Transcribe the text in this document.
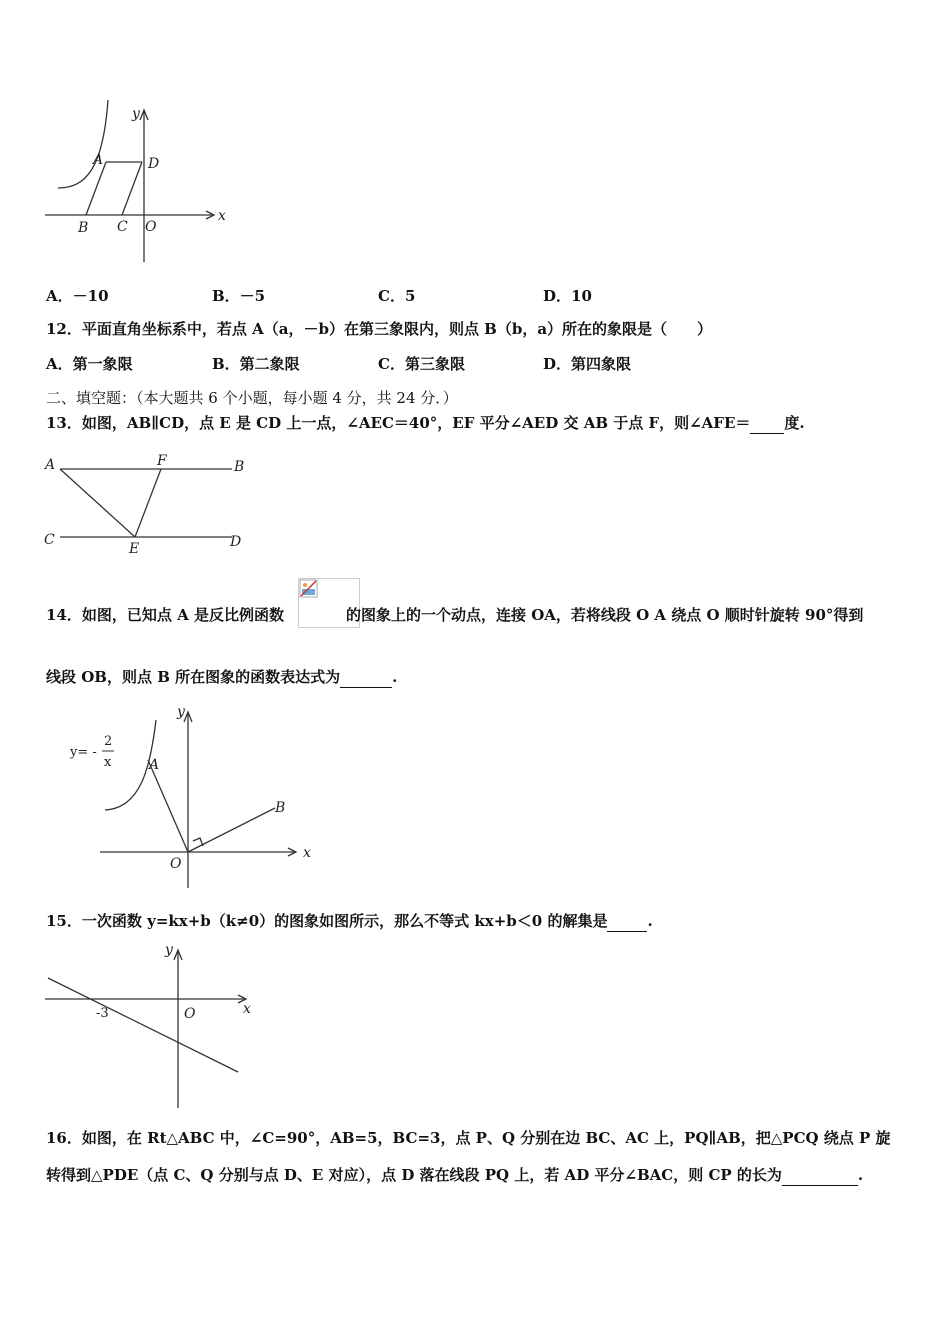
y
x
A	D
B C O
A．－10	B．－5	C．5	D．10
12．平面直角坐标系中，若点 A（a，－b）在第三象限内，则点 B（b，a）所在的象限是（　　）
A．第一象限	B．第二象限	C．第三象限	D．第四象限
二、填空题：（本大题共 6 个小题，每小题 4 分，共 24 分．）
13．如图，AB∥CD，点 E 是 CD 上一点，∠AEC＝40°，EF 平分∠AED 交 AB 于点 F，则∠AFE＝ 度.
A	F	B
C
E	D
14．如图，已知点 A 是反比例函数	的图象上的一个动点，连接 OA，若将线段 O A 绕点 O 顺时针旋转 90°得到
线段 OB，则点 B 所在图象的函数表达式为	.
y= -
2
x
y
x
A
B
O
15．一次函数 y=kx+b（k≠0）的图象如图所示，那么不等式 kx+b＜0 的解集是	.
y
x
O
-3
16．如图，在 Rt△ABC 中，∠C=90°，AB=5，BC=3，点 P、Q 分别在边 BC、AC 上，PQ∥AB，把△PCQ 绕点 P 旋
转得到△PDE（点 C、Q 分别与点 D、E 对应），点 D 落在线段 PQ 上，若 AD 平分∠BAC，则 CP 的长为	.
